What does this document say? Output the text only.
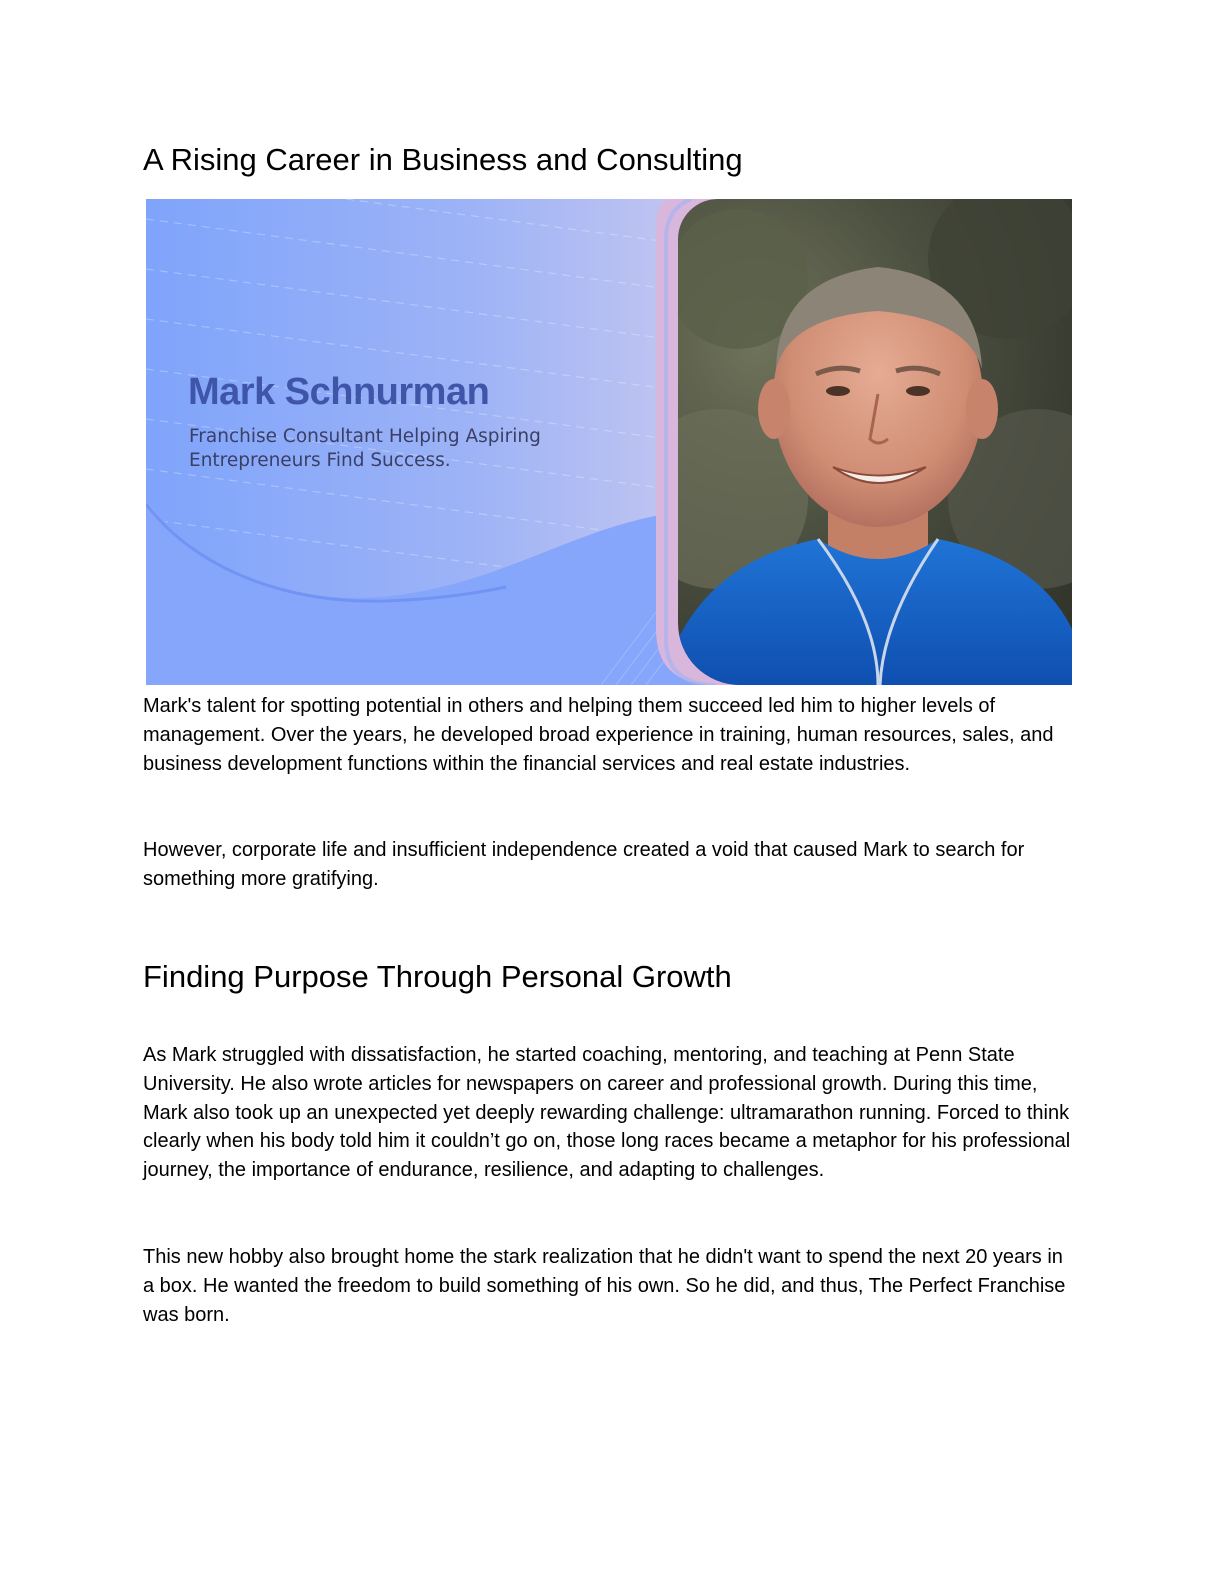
A Rising Career in Business and Consulting
Mark Schnurman
Franchise Consultant Helping Aspiring Entrepreneurs Find Success.

Mark's talent for spotting potential in others and helping them succeed led him to higher levels of management. Over the years, he developed broad experience in training, human resources, sales, and business development functions within the financial services and real estate industries.

However, corporate life and insufficient independence created a void that caused Mark to search for something more gratifying.

Finding Purpose Through Personal Growth

As Mark struggled with dissatisfaction, he started coaching, mentoring, and teaching at Penn State University. He also wrote articles for newspapers on career and professional growth. During this time, Mark also took up an unexpected yet deeply rewarding challenge: ultramarathon running. Forced to think clearly when his body told him it couldn’t go on, those long races became a metaphor for his professional journey, the importance of endurance, resilience, and adapting to challenges.

This new hobby also brought home the stark realization that he didn't want to spend the next 20 years in a box. He wanted the freedom to build something of his own. So he did, and thus, The Perfect Franchise was born.
